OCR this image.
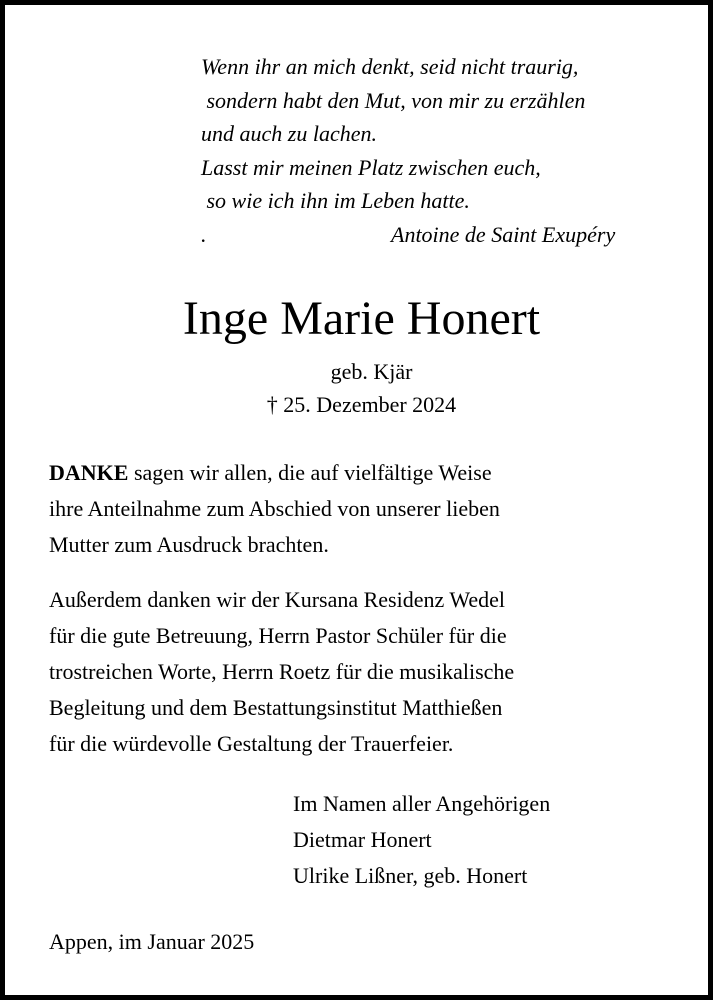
Wenn ihr an mich denkt, seid nicht traurig,
sondern habt den Mut, von mir zu erzählen
und auch zu lachen.
Lasst mir meinen Platz zwischen euch,
so wie ich ihn im Leben hatte.
.	Antoine de Saint Exupéry
Inge Marie Honert
geb. Kjär
† 25. Dezember 2024
DANKE sagen wir allen, die auf vielfältige Weise
ihre Anteilnahme zum Abschied von unserer lieben
Mutter zum Ausdruck brachten.
Außerdem danken wir der Kursana Residenz Wedel
für die gute Betreuung, Herrn Pastor Schüler für die
trostreichen Worte, Herrn Roetz für die musikalische
Begleitung und dem Bestattungsinstitut Matthießen
für die würdevolle Gestaltung der Trauerfeier.
Im Namen aller Angehörigen
Dietmar Honert
Ulrike Lißner, geb. Honert
Appen, im Januar 2025
